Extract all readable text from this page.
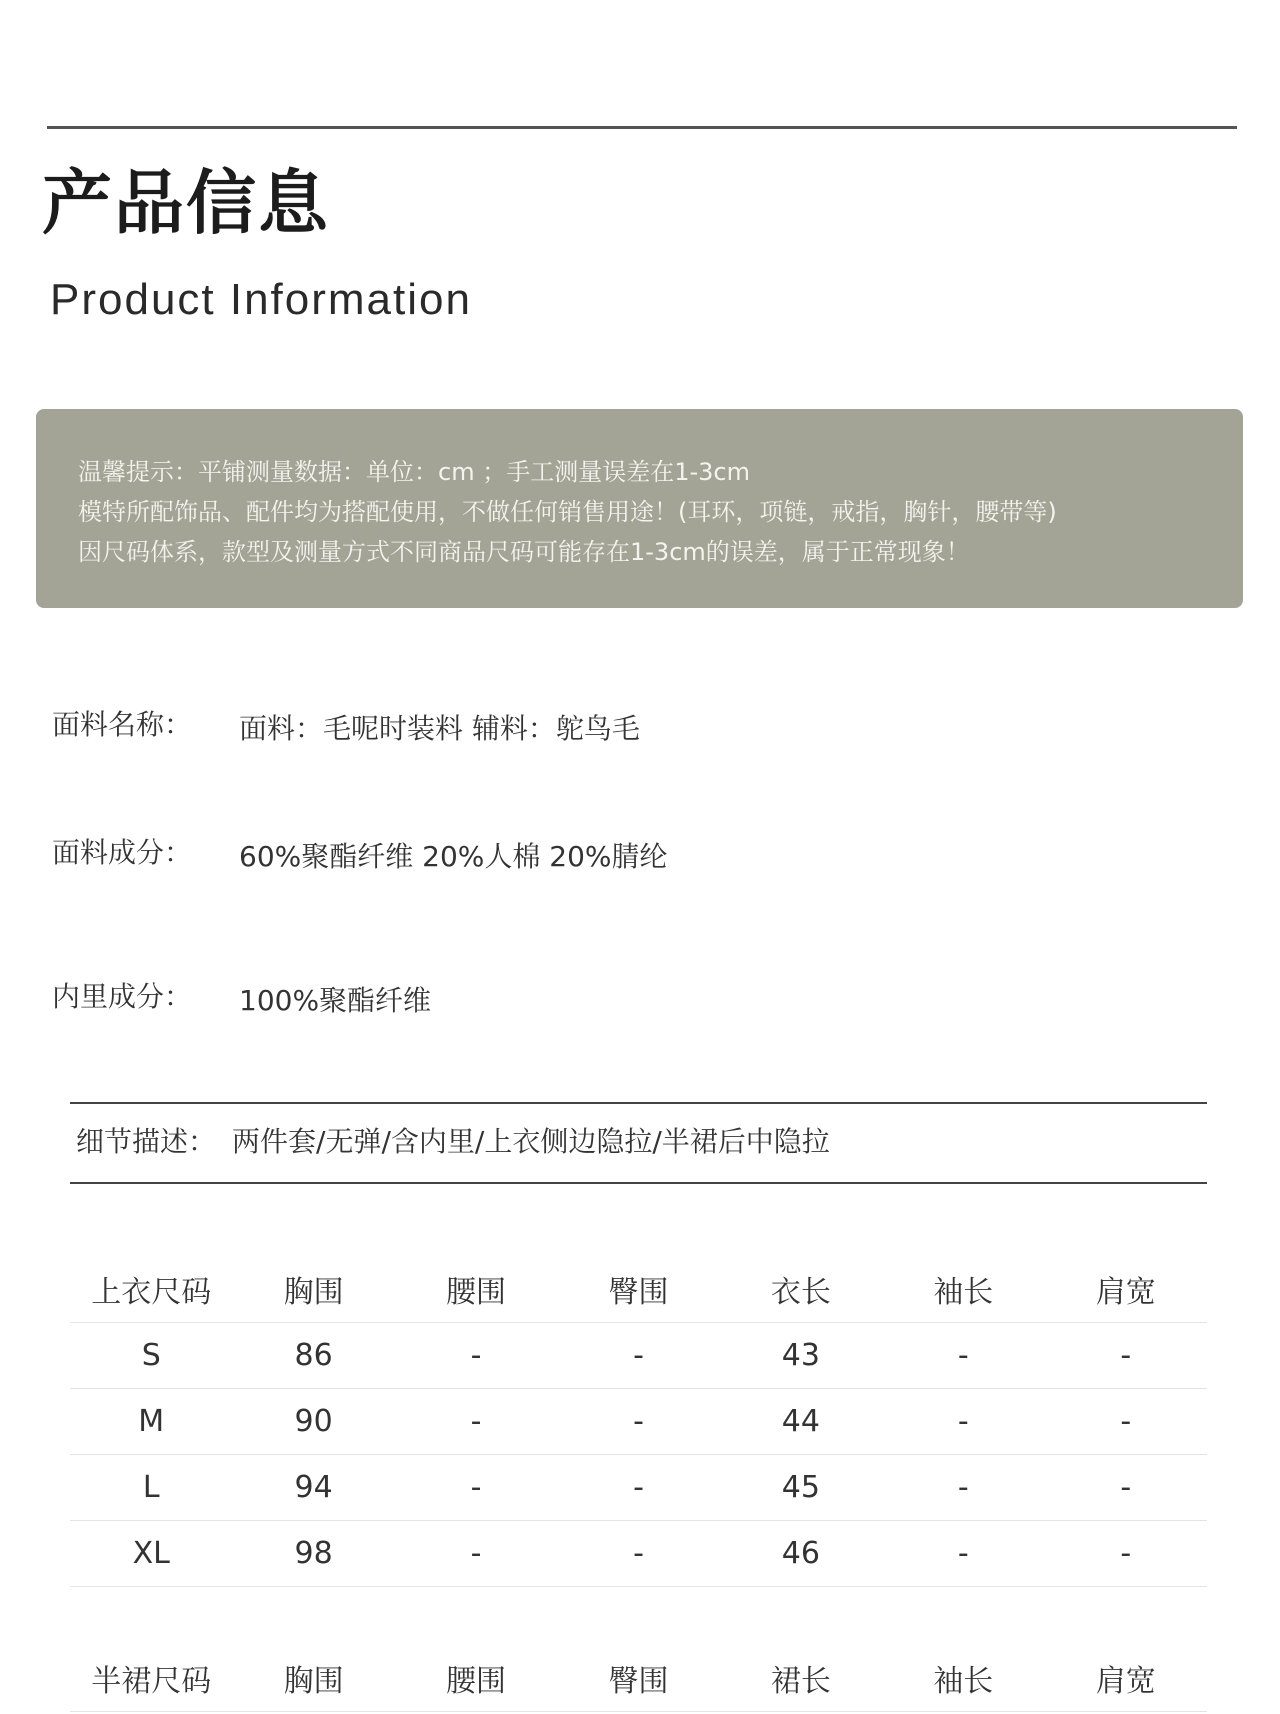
产品信息
Product Information
温馨提示：平铺测量数据：单位：cm ；手工测量误差在1-3cm
模特所配饰品、配件均为搭配使用，不做任何销售用途！(耳环，项链，戒指，胸针，腰带等)
因尺码体系，款型及测量方式不同商品尺码可能存在1-3cm的误差，属于正常现象！
面料名称： 面料：毛呢时装料 辅料：鸵鸟毛
面料成分： 60%聚酯纤维 20%人棉 20%腈纶
内里成分： 100%聚酯纤维
细节描述： 两件套/无弹/含内里/上衣侧边隐拉/半裙后中隐拉
上衣尺码	胸围	腰围	臀围	衣长	袖长	肩宽
S	86	-	-	43	-	-
M	90	-	-	44	-	-
L	94	-	-	45	-	-
XL	98	-	-	46	-	-
半裙尺码	胸围	腰围	臀围	裙长	袖长	肩宽
